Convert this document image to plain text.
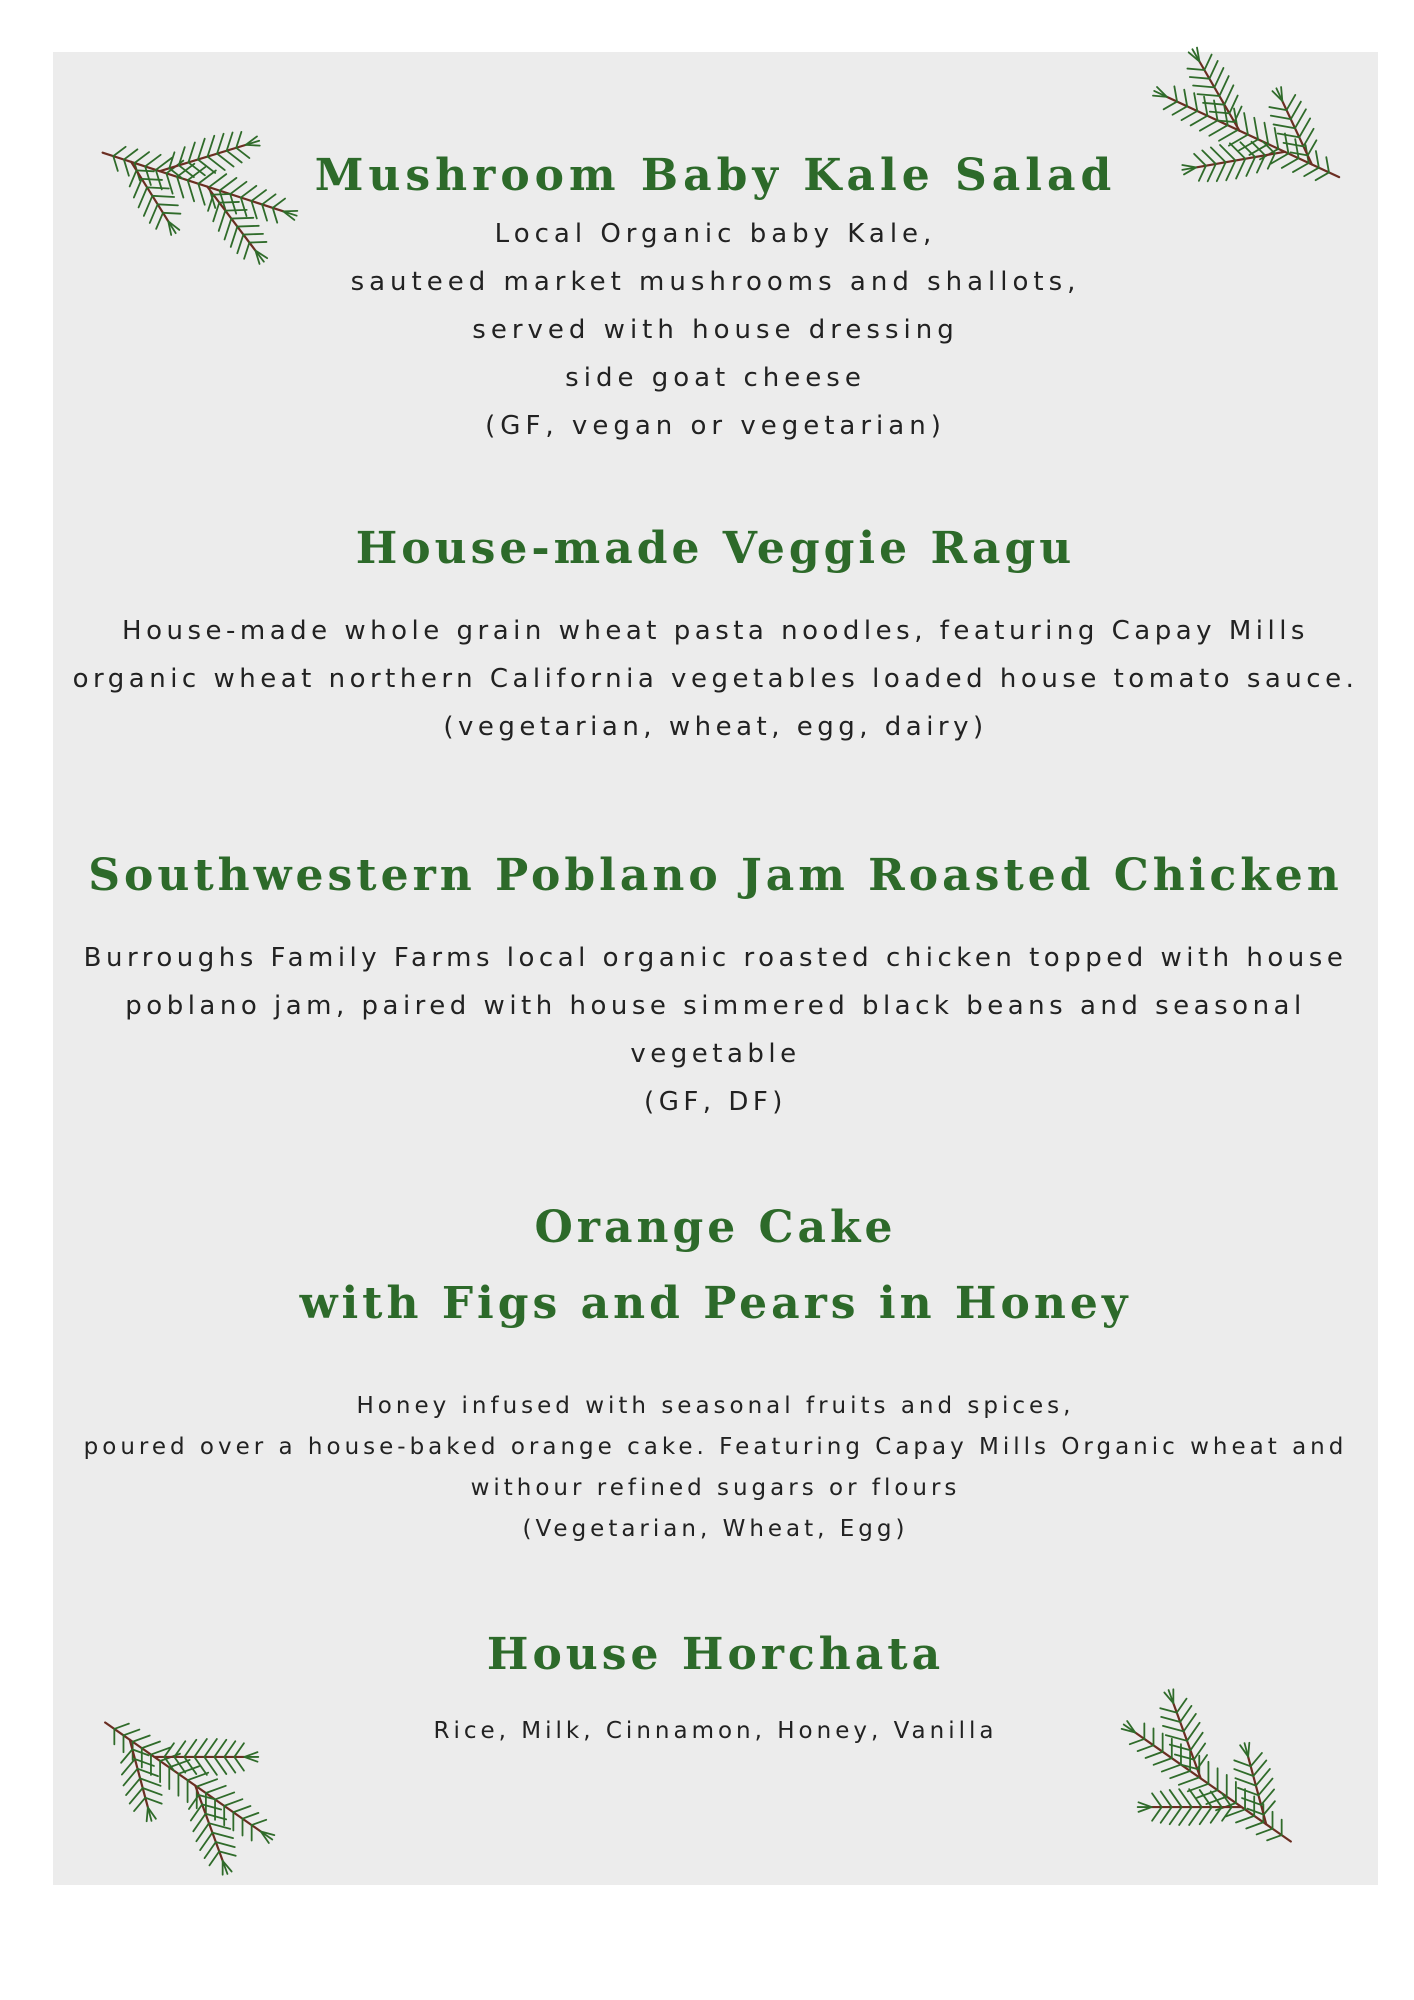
Mushroom Baby Kale Salad

Local Organic baby Kale,
sauteed market mushrooms and shallots,
served with house dressing
side goat cheese
(GF, vegan or vegetarian)

House-made Veggie Ragu

House-made whole grain wheat pasta noodles, featuring Capay Mills
organic wheat northern California vegetables loaded house tomato sauce.
(vegetarian, wheat, egg, dairy)

Southwestern Poblano Jam Roasted Chicken

Burroughs Family Farms local organic roasted chicken topped with house
poblano jam, paired with house simmered black beans and seasonal
vegetable
(GF, DF)

Orange Cake
with Figs and Pears in Honey

Honey infused with seasonal fruits and spices,
poured over a house-baked orange cake. Featuring Capay Mills Organic wheat and
withour refined sugars or flours
(Vegetarian, Wheat, Egg)

House Horchata

Rice, Milk, Cinnamon, Honey, Vanilla
